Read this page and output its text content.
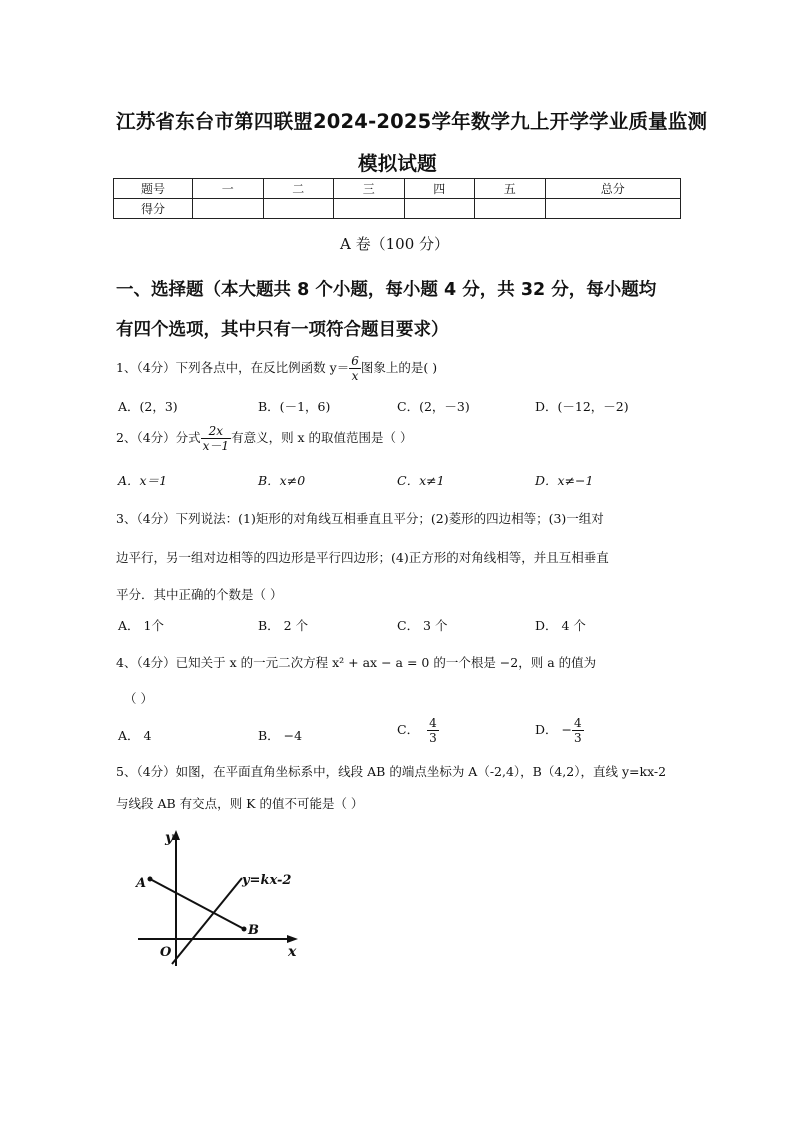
江苏省东台市第四联盟2024-2025学年数学九上开学学业质量监测
模拟试题
题号	一	二	三	四	五	总分
得分						
A 卷（100 分）
一、选择题（本大题共 8 个小题，每小题 4 分，共 32 分，每小题均
有四个选项，其中只有一项符合题目要求）
1、（4分）下列各点中，在反比例函数 $y= \frac{6}{x}$ 图象上的是( )
A．(2，3)	B．(－1，6)	C．(2，－3)	D．(－12，－2)
2、（4分）分式 $\frac{2x}{x-1}$ 有意义，则 x 的取值范围是（ ）
A．x＝1	B．x≠0	C．x≠1	D．x≠−1
3、（4分）下列说法：(1)矩形的对角线互相垂直且平分；(2)菱形的四边相等；(3)一组对
边平行，另一组对边相等的四边形是平行四边形；(4)正方形的对角线相等，并且互相垂直
平分．其中正确的个数是（ ）
A． 1个	B． 2 个	C． 3 个	D． 4 个
4、（4分）已知关于 x 的一元二次方程 x² + ax − a = 0 的一个根是 −2，则 a 的值为
（ ）
A． 4	B． −4	C． $\frac{4}{3}$	D． − $\frac{4}{3}$
5、（4分）如图，在平面直角坐标系中，线段 AB 的端点坐标为 A（-2,4），B（4,2），直线 y=kx-2
与线段 AB 有交点，则 K 的值不可能是（ ）
y
x
O
A
B
y=kx-2
